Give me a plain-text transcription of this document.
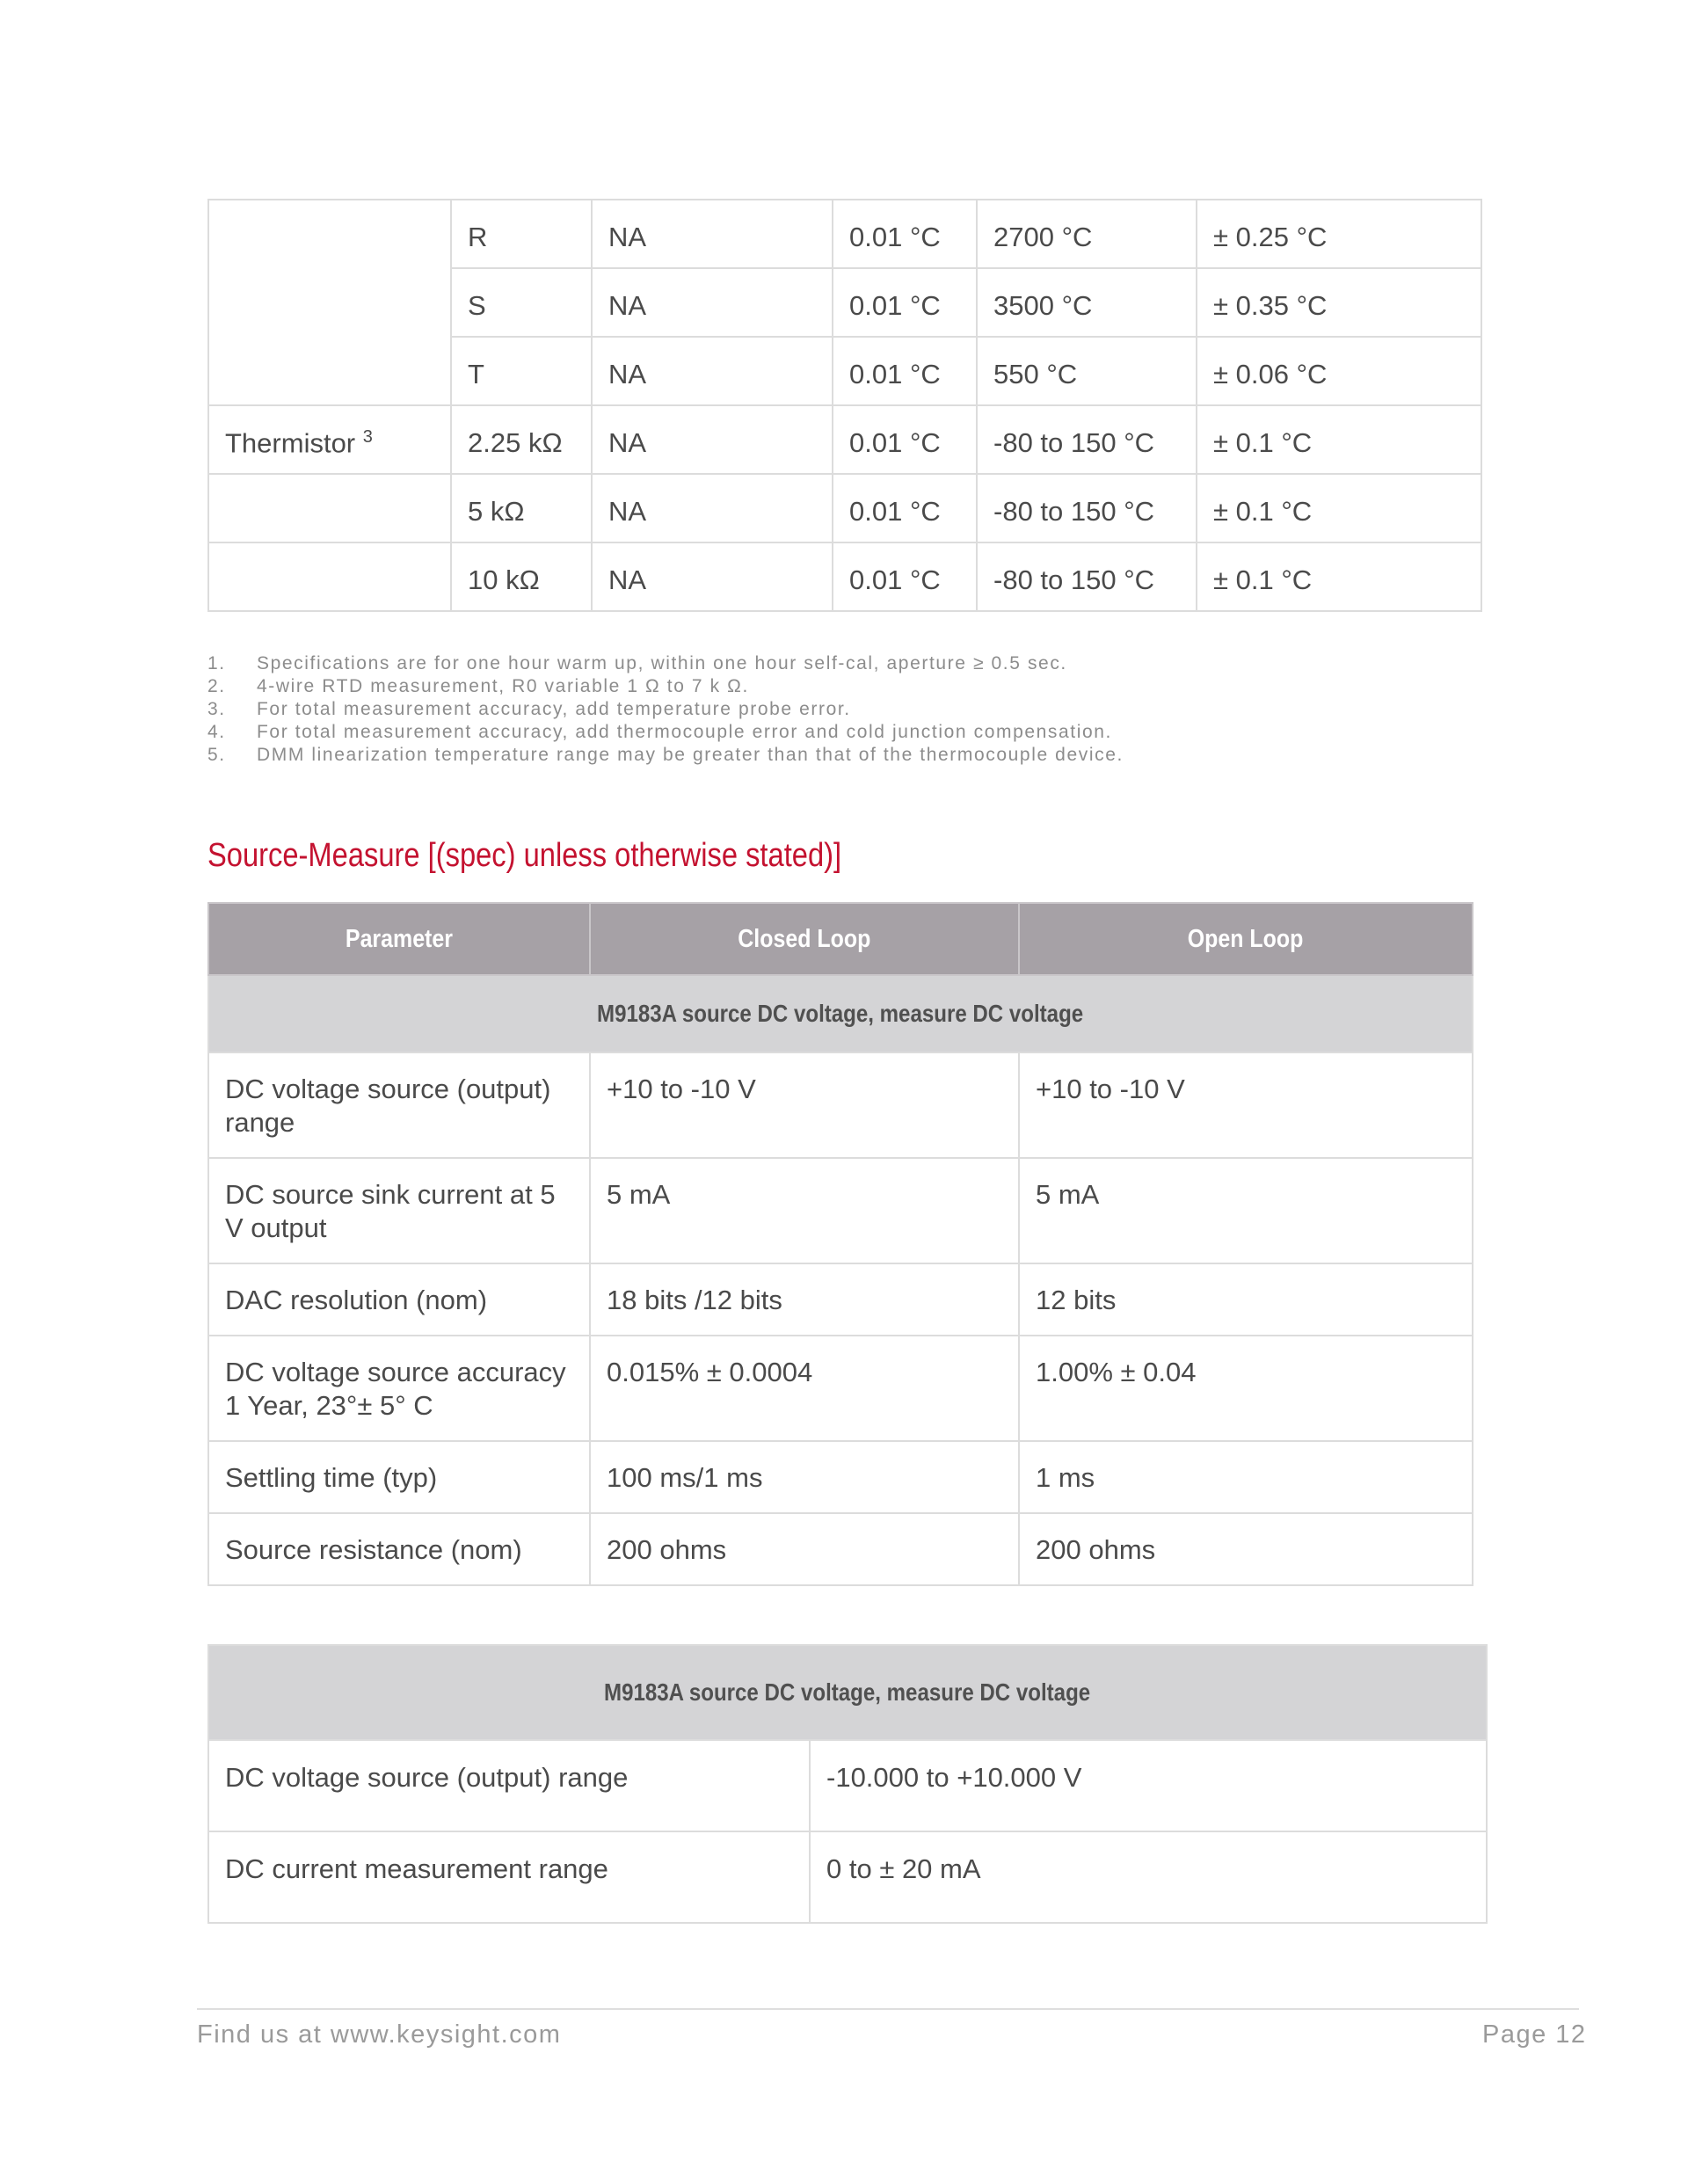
	R	NA	0.01 °C	2700 °C	± 0.25 °C
	S	NA	0.01 °C	3500 °C	± 0.35 °C
	T	NA	0.01 °C	550 °C	± 0.06 °C
Thermistor $^3$	2.25 kΩ	NA	0.01 °C	-80 to 150 °C	± 0.1 °C
	5 kΩ	NA	0.01 °C	-80 to 150 °C	± 0.1 °C
	10 kΩ	NA	0.01 °C	-80 to 150 °C	± 0.1 °C
1. Specifications are for one hour warm up, within one hour self-cal, aperture ≥ 0.5 sec.
2. 4-wire RTD measurement, R0 variable 1 Ω to 7 k Ω.
3. For total measurement accuracy, add temperature probe error.
4. For total measurement accuracy, add thermocouple error and cold junction compensation.
5. DMM linearization temperature range may be greater than that of the thermocouple device.
Source-Measure [(spec) unless otherwise stated)]
Parameter	Closed Loop	Open Loop
M9183A source DC voltage, measure DC voltage		
DC voltage source (output) range	+10 to -10 V	+10 to -10 V
DC source sink current at 5 V output	5 mA	5 mA
DAC resolution (nom)	18 bits /12 bits	12 bits
DC voltage source accuracy 1 Year, 23°± 5° C	0.015% ± 0.0004	1.00% ± 0.04
Settling time (typ)	100 ms/1 ms	1 ms
Source resistance (nom)	200 ohms	200 ohms
M9183A source DC voltage, measure DC voltage	
DC voltage source (output) range	-10.000 to +10.000 V
DC current measurement range	0 to ± 20 mA
Find us at www.keysight.com	Page 12
